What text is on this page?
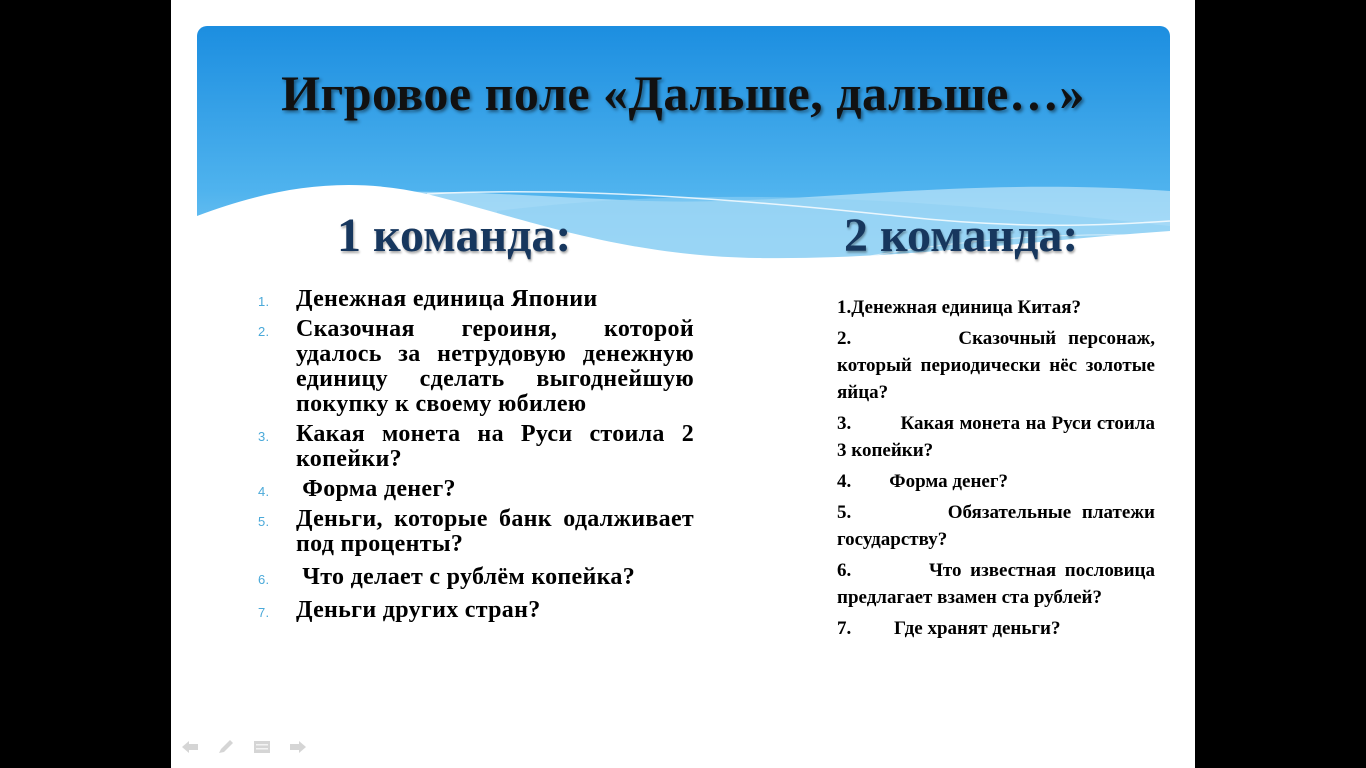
Игровое поле «Дальше, дальше…»
1 команда:	2 команда:
1. Денежная единица Японии
2. Сказочная героиня, которой удалось за нетрудовую денежную единицу сделать выгоднейшую покупку к своему юбилею
3. Какая монета на Руси стоила 2 копейки?
4. Форма денег?
5. Деньги, которые банк одалживает под проценты?
6. Что делает с рублём копейка?
7. Деньги других стран?
1.Денежная единица Китая?
2.         Сказочный персонаж, который периодически нёс золотые яйца?
3.         Какая монета на Руси стоила 3 копейки?
4.        Форма денег?
5.         Обязательные платежи государству?
6.         Что известная пословица предлагает взамен ста рублей?
7.         Где хранят деньги?
